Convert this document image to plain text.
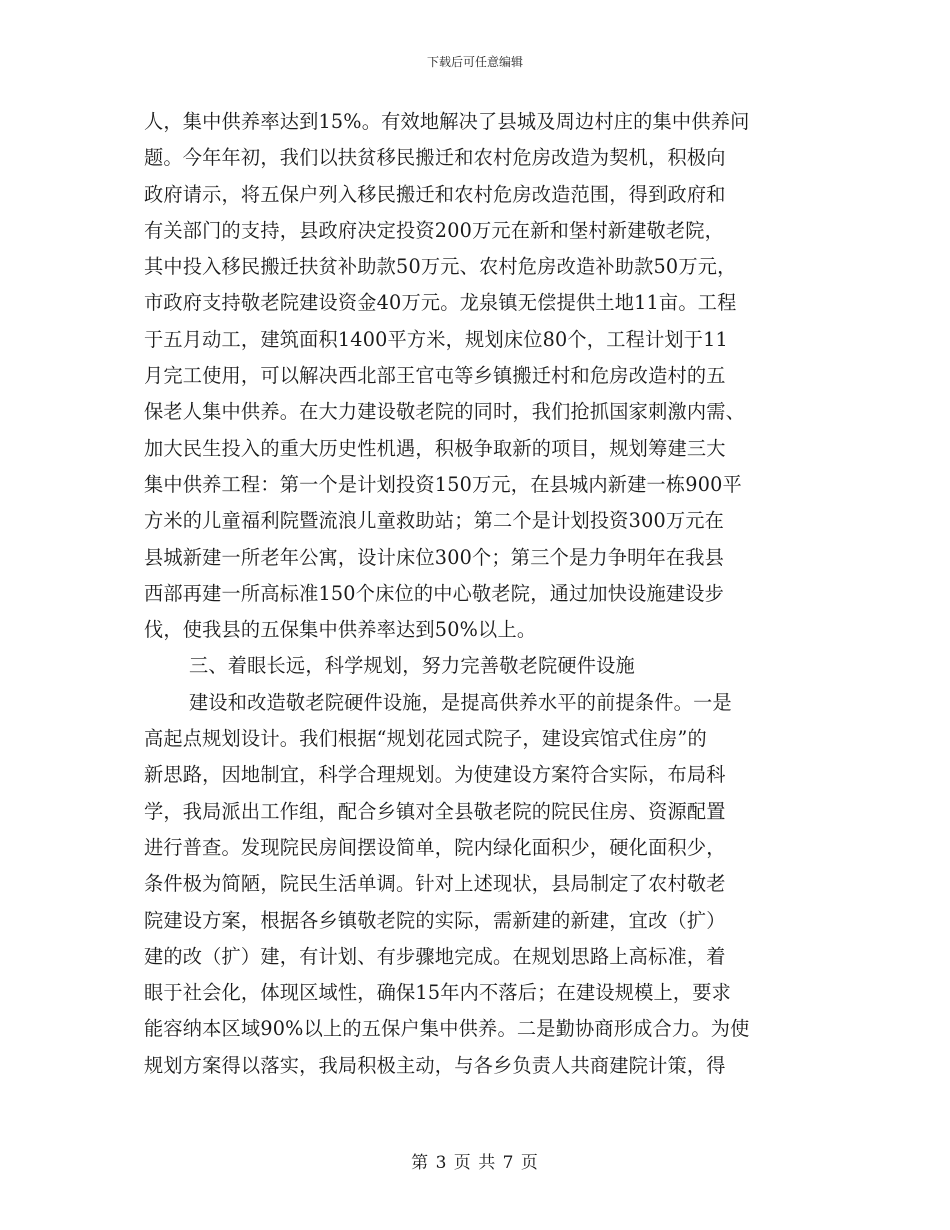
下载后可任意编辑
人，集中供养率达到15%。有效地解决了县城及周边村庄的集中供养问
题。今年年初，我们以扶贫移民搬迁和农村危房改造为契机，积极向
政府请示，将五保户列入移民搬迁和农村危房改造范围，得到政府和
有关部门的支持，县政府决定投资200万元在新和堡村新建敬老院，
其中投入移民搬迁扶贫补助款50万元、农村危房改造补助款50万元，
市政府支持敬老院建设资金40万元。龙泉镇无偿提供土地11亩。工程
于五月动工，建筑面积1400平方米，规划床位80个，工程计划于11
月完工使用，可以解决西北部王官屯等乡镇搬迁村和危房改造村的五
保老人集中供养。在大力建设敬老院的同时，我们抢抓国家刺激内需、
加大民生投入的重大历史性机遇，积极争取新的项目，规划筹建三大
集中供养工程：第一个是计划投资150万元，在县城内新建一栋900平
方米的儿童福利院暨流浪儿童救助站；第二个是计划投资300万元在
县城新建一所老年公寓，设计床位300个；第三个是力争明年在我县
西部再建一所高标准150个床位的中心敬老院，通过加快设施建设步
伐，使我县的五保集中供养率达到50%以上。
三、着眼长远，科学规划，努力完善敬老院硬件设施
建设和改造敬老院硬件设施，是提高供养水平的前提条件。一是
高起点规划设计。我们根据“规划花园式院子，建设宾馆式住房”的
新思路，因地制宜，科学合理规划。为使建设方案符合实际，布局科
学，我局派出工作组，配合乡镇对全县敬老院的院民住房、资源配置
进行普查。发现院民房间摆设简单，院内绿化面积少，硬化面积少，
条件极为简陋，院民生活单调。针对上述现状，县局制定了农村敬老
院建设方案，根据各乡镇敬老院的实际，需新建的新建，宜改（扩）
建的改（扩）建，有计划、有步骤地完成。在规划思路上高标准，着
眼于社会化，体现区域性，确保15年内不落后；在建设规模上，要求
能容纳本区域90%以上的五保户集中供养。二是勤协商形成合力。为使
规划方案得以落实，我局积极主动，与各乡负责人共商建院计策，得
第 3 页 共 7 页
